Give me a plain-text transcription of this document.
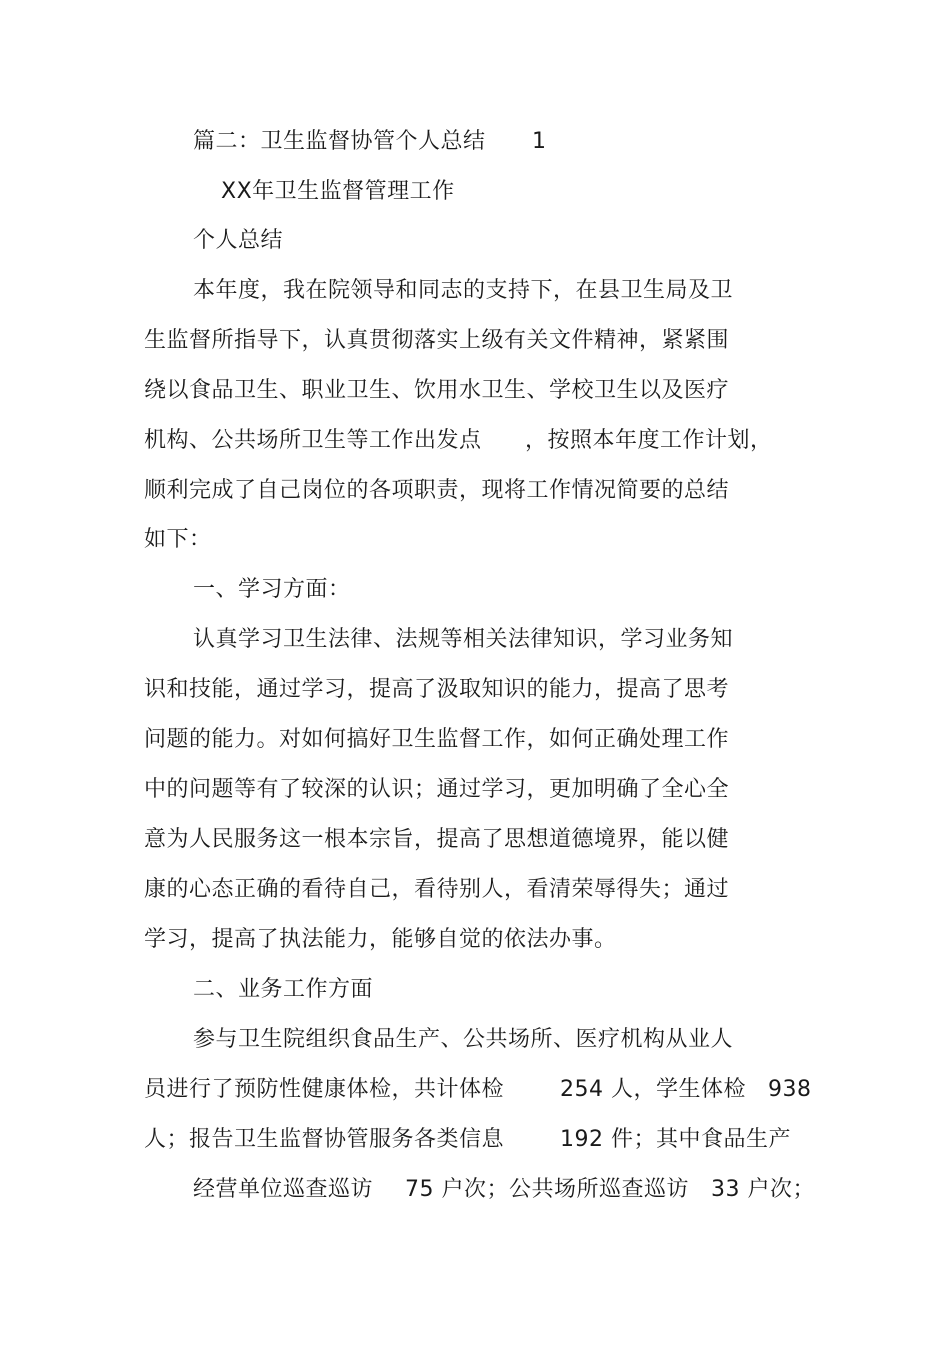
篇二：卫生监督协管个人总结 1
XX年卫生监督管理工作
个人总结
本年度，我在院领导和同志的支持下，在县卫生局及卫
生监督所指导下，认真贯彻落实上级有关文件精神，紧紧围
绕以食品卫生、职业卫生、饮用水卫生、学校卫生以及医疗
机构、公共场所卫生等工作出发点 ，按照本年度工作计划，
顺利完成了自己岗位的各项职责，现将工作情况简要的总结
如下：
一、学习方面：
认真学习卫生法律、法规等相关法律知识，学习业务知
识和技能，通过学习，提高了汲取知识的能力，提高了思考
问题的能力。对如何搞好卫生监督工作，如何正确处理工作
中的问题等有了较深的认识；通过学习，更加明确了全心全
意为人民服务这一根本宗旨，提高了思想道德境界，能以健
康的心态正确的看待自己，看待别人，看清荣辱得失；通过
学习，提高了执法能力，能够自觉的依法办事。
二、业务工作方面
参与卫生院组织食品生产、公共场所、医疗机构从业人
员进行了预防性健康体检，共计体检	254 人，学生体检 938
人；报告卫生监督协管服务各类信息	192 件；其中食品生产
经营单位巡查巡访 75 户次；公共场所巡查巡访 33 户次；
